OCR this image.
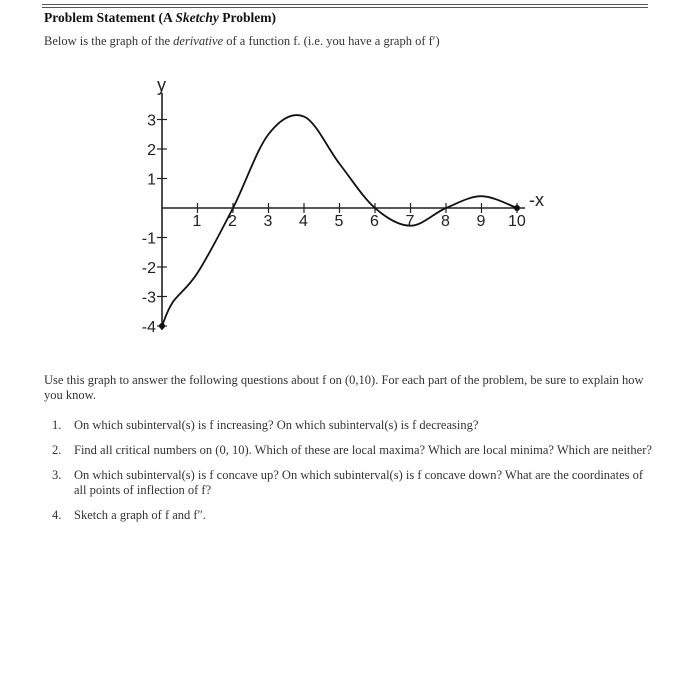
Problem Statement (A Sketchy Problem)
Below is the graph of the derivative of a function f. (i.e. you have a graph of f′)
y
-x
1 2 3 4 5 6 7 8 9 10
3
2
1
-1
-2
-3
-4
Use this graph to answer the following questions about f on (0,10). For each part of the problem, be sure to explain how you know.
1.	On which subinterval(s) is f increasing? On which subinterval(s) is f decreasing?
2.	Find all critical numbers on (0, 10). Which of these are local maxima? Which are local minima? Which are neither?
3.	On which subinterval(s) is f concave up? On which subinterval(s) is f concave down? What are the coordinates of all points of inflection of f?
4.	Sketch a graph of f and f″.
